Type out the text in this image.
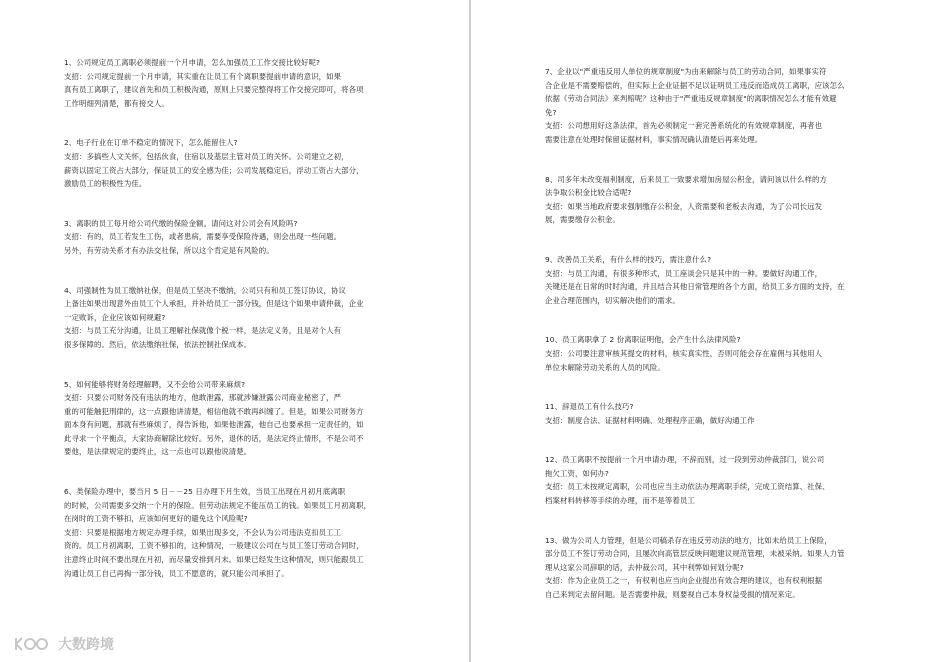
1、公司规定员工离职必须提前一个月申请，怎么加强员工工作交接比较好呢?

支招：公司规定提前一个月申请，其实重在让员工有个离职要提前申请的意识，如果
真有员工离职了，建议首先和员工积极沟通，原则上只要完整得将工作交接完即可，将各项
工作明细列清楚，都有接交人。

2、电子行业在订单不稳定的情况下，怎么能留住人?

支招：多搞些人文关怀，包括伙食，住宿以及基层主管对员工的关怀。公司建立之初，
薪资以固定工资占大部分，保证员工的安全感为佳；公司发展稳定后，浮动工资占大部分，
激励员工的积极性为佳。

3、离职的员工每月给公司代缴的保险金额。请问这对公司会有风险吗?

支招：有的，员工若发生工伤，或者患病，需要享受保险待遇，则会出现一些问题。
另外，有劳动关系才有办法交社保，所以这个肯定是有风险的。

4、司强制性为员工缴纳社保，但是员工坚决不缴纳，公司只有和员工签订协议，协议
上备注如果出现意外由员工个人承担，并补给员工一部分钱，但是这个如果申请仲裁，企业
一定败诉，企业应该如何规避?

支招：与员工充分沟通，让员工理解社保就像个税一样，是法定义务，且是对个人有
很多保障的。然后，依法缴纳社保，依法控制社保成本。

5、如何能够将财务经理解聘，又不会给公司带来麻烦?

支招：只要公司财务没有违法的地方，他敢泄露，那就涉嫌泄露公司商业秘密了，严
重的可能触犯刑律的，这一点跟他讲清楚，相信他就不敢再纠缠了。但是，如果公司财务方
面本身有问题，那就有些麻烦了，得告诉他，如果他泄露，他自己也要承担一定责任的，如
此寻求一个平衡点，大家协商解除比较好。另外，退休的话，是法定终止情形，不是公司不
要他，是法律规定的要终止，这一点也可以跟他说清楚。

6、类保险办理中，要当月 5 日－－25 日办理下月生效，当员工出现在月初月底离职
的时候，公司需要多交纳一个月的保险。但劳动法规定不能压员工的钱。如果员工月初离职，
在岗时的工资不够扣，应该如何更好的避免这个风险呢?

支招：只要是根据地方规定办理手续，如果出现多交，不会认为公司违法克扣员工工
资的。员工月初离职，工资不够扣的，这种情况，一般建议公司在与员工签订劳动合同时，
注意终止时间不要出现在月初，而尽量安排到月末。如果已经发生这种情况，则只能跟员工
沟通让员工自己再掏一部分钱，员工不愿意的，就只能公司承担了。

7、企业以"严重违反用人单位的规章制度"为由来解除与员工的劳动合同，如果事实符
合企业是不需要赔偿的，但实际上企业证据不足以证明员工违反而造成员工离职，应该怎么
依据《劳动合同法》来判赔呢？这种由于"严重违反规章制度"的离职情况怎么才能有效避
免?

支招：公司想用好这条法律，首先必须制定一套完善系统化的有效规章制度，再者也
需要注意在处理时保留证据材料，事实情况确认清楚后再来处理。

8、司多年未改变福利制度，后来员工一致要求增加房屋公积金，请问该以什么样的方
法争取公积金比较合适呢?

支招：如果当地政府要求强制缴存公积金，人资需要和老板去沟通，为了公司长远发
展，需要缴存公积金。

9、改善员工关系，有什么样的技巧，需注意什么?

支招：与员工沟通，有很多种形式，员工座谈会只是其中的一种。要做好沟通工作，
关键还是在日常的时时沟通，并且结合其他日常管理的各个方面，给员工多方面的支持，在
企业合理范围内，切实解决他们的需求。

10、员工离职拿了 2 份离职证明他，会产生什么法律风险?

支招：公司要注意审核其提交的材料，核实真实性，否则可能会存在雇佣与其他用人
单位未解除劳动关系的人员的风险。

11、辞退员工有什么技巧?

支招：制度合法、证据材料明确、处理程序正确，做好沟通工作

12、员工离职不按提前一个月申请办理，不辞而别，过一段到劳动仲裁部门，说公司
拖欠工资，如何办?

支招：员工未按规定离职，公司也应当主动依法办理离职手续，完成工资结算、社保、
档案材料转移等手续的办理，而不是等着员工

13、做为公司人力管理，但是公司稿杀存在违反劳动法的地方，比如未给员工上保险，
部分员工不签订劳动合同，且屡次向高管层反映问题建议规范管理，未被采纳。如果人力管
理从这家公司辞职的话，去仲裁公司，其中利弊如何划分呢?

支招：作为企业员工之一，有权利也应当向企业提出有效合理的建议，也有权利根据
自己来判定去留问题。是否需要仲裁，则要视自己本身权益受损的情况来定。

大数跨境
